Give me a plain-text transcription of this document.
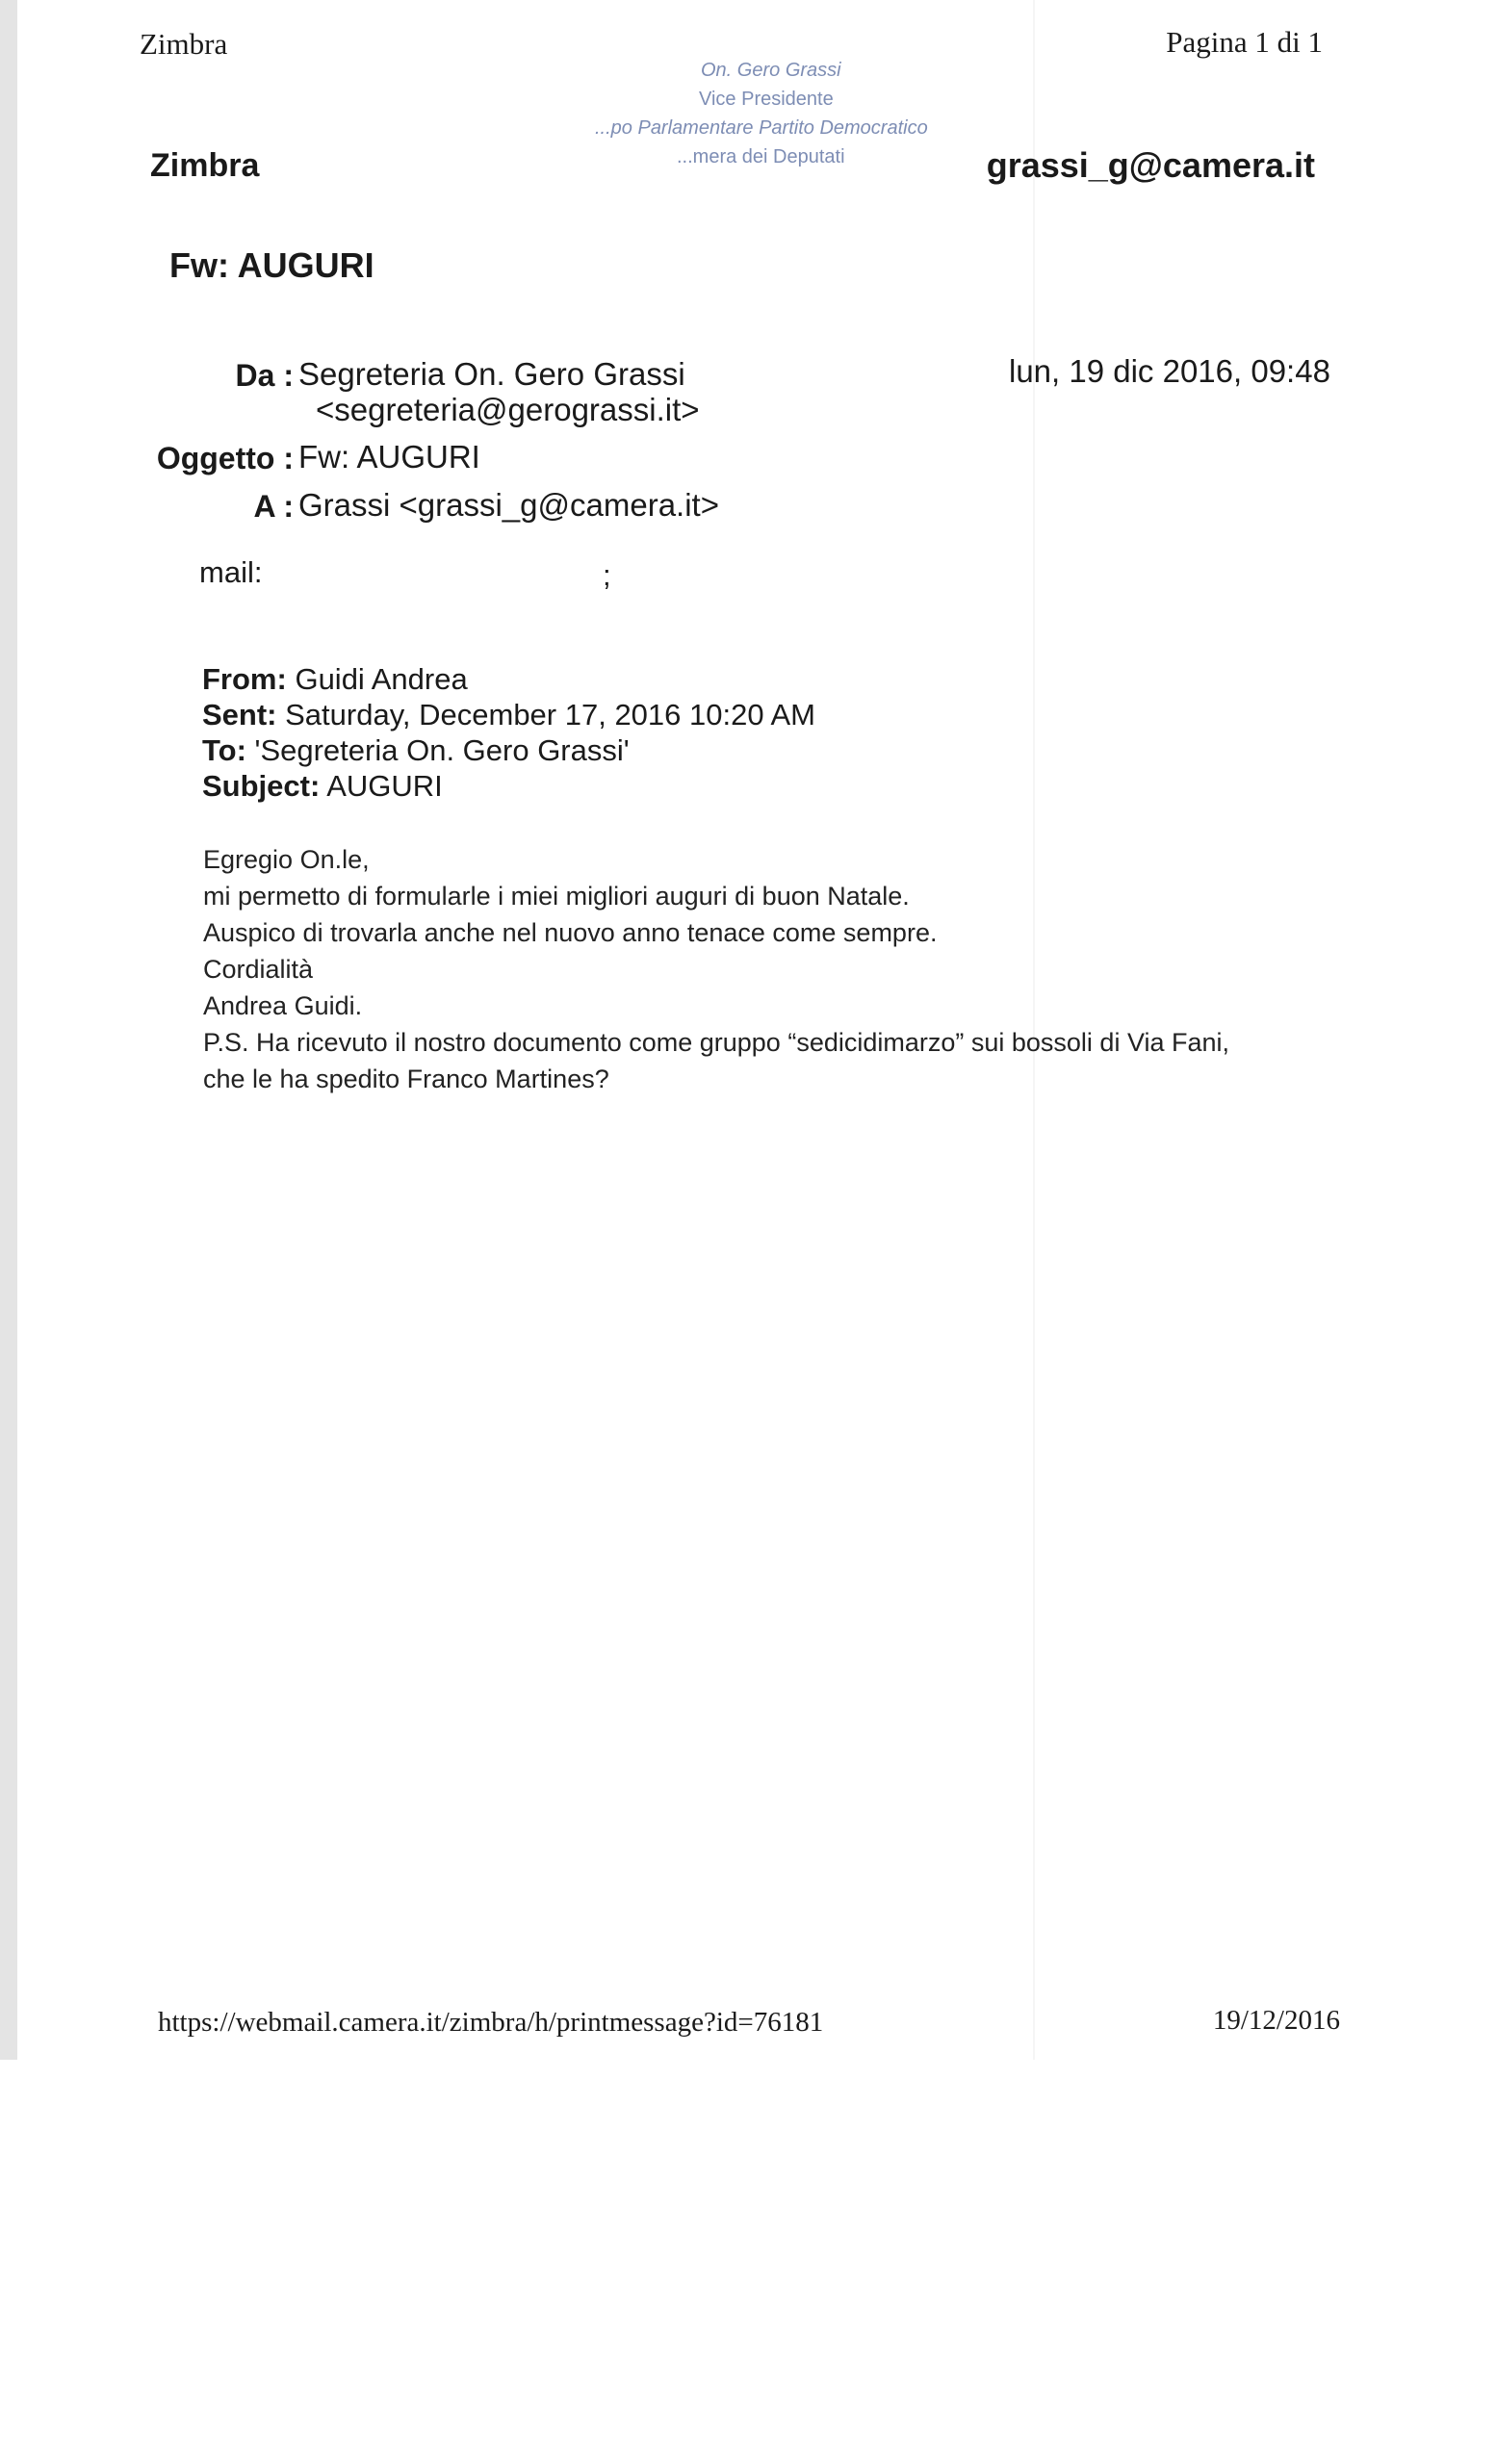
Zimbra	Pagina 1 di 1
On. Gero Grassi
Vice Presidente
...po Parlamentare Partito Democratico
...mera dei Deputati
Zimbra	grassi_g@camera.it
Fw: AUGURI
Da : Segreteria On. Gero Grassi
<segreteria@gerograssi.it>
lun, 19 dic 2016, 09:48
Oggetto : Fw: AUGURI
A : Grassi <grassi_g@camera.it>
mail:	;
From: Guidi Andrea
Sent: Saturday, December 17, 2016 10:20 AM
To: 'Segreteria On. Gero Grassi'
Subject: AUGURI
Egregio On.le,
mi permetto di formularle i miei migliori auguri di buon Natale.
Auspico di trovarla anche nel nuovo anno tenace come sempre.
Cordialità
Andrea Guidi.
P.S. Ha ricevuto il nostro documento come gruppo “sedicidimarzo” sui bossoli di Via Fani,
che le ha spedito Franco Martines?
https://webmail.camera.it/zimbra/h/printmessage?id=76181	19/12/2016
